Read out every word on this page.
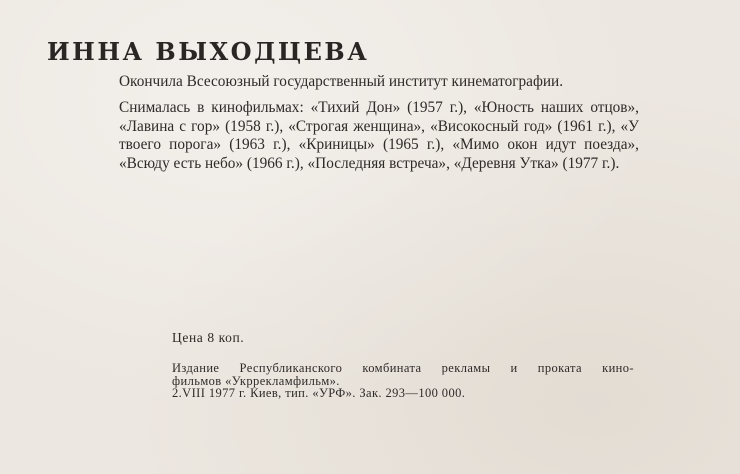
ИННА ВЫХОДЦЕВА

Окончила Всесоюзный государственный институт кинематографии.

Снималась в кинофильмах: «Тихий Дон» (1957 г.), «Юность наших отцов», «Лавина с гор» (1958 г.), «Строгая женщина», «Високосный год» (1961 г.), «У твоего порога» (1963 г.), «Криницы» (1965 г.), «Мимо окон идут поезда», «Всюду есть небо» (1966 г.), «Последняя встреча», «Деревня Утка» (1977 г.).

Цена 8 коп.

Издание Республиканского комбината рекламы и проката кино-
фильмов «Укррекламфильм».
2.VIII 1977 г. Киев, тип. «УРФ». Зак. 293—100 000.
